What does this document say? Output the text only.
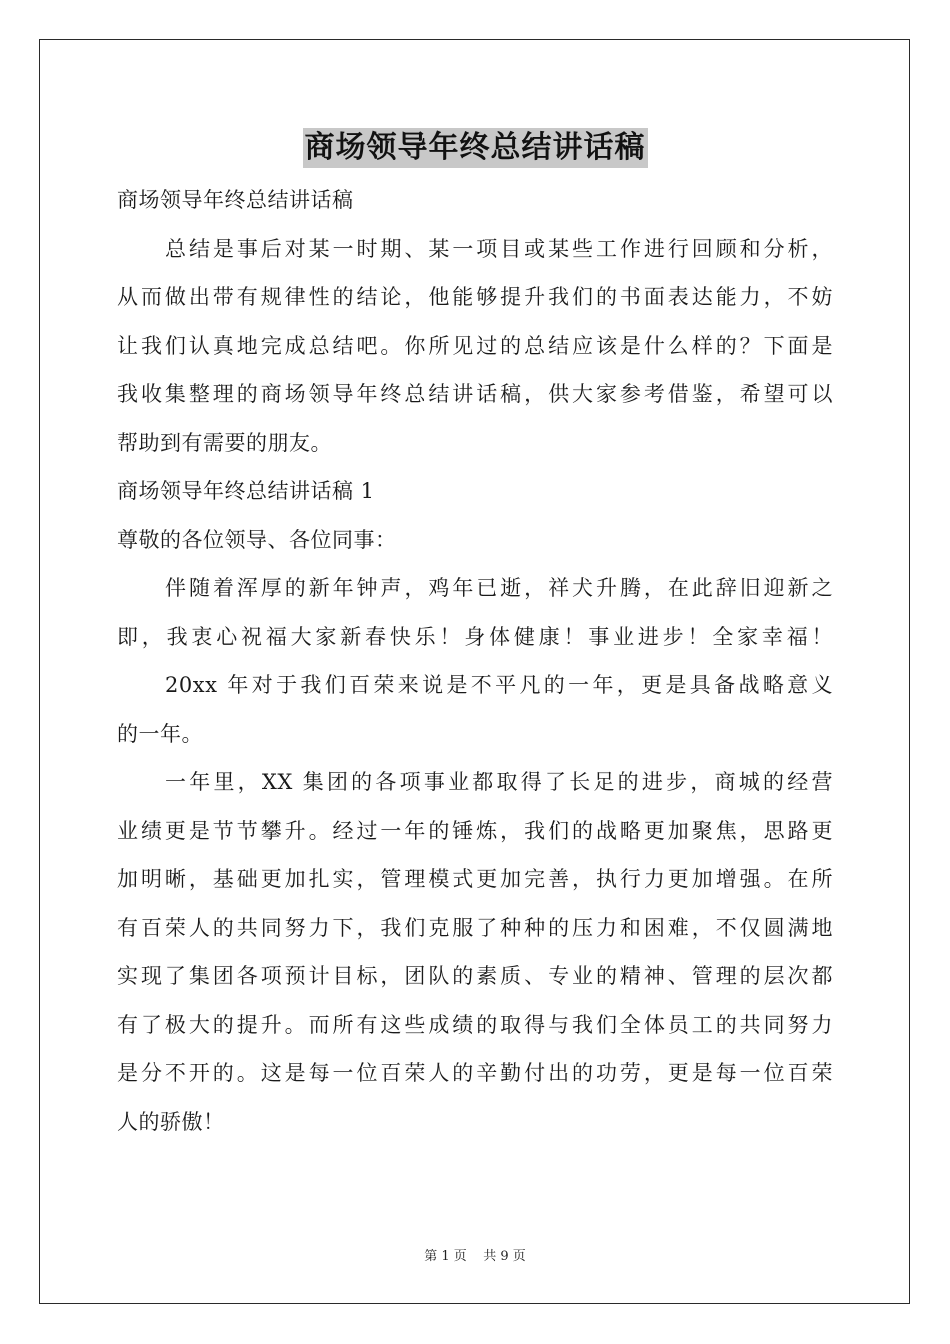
商场领导年终总结讲话稿
商场领导年终总结讲话稿
总结是事后对某一时期、某一项目或某些工作进行回顾和分析，
从而做出带有规律性的结论，他能够提升我们的书面表达能力，不妨
让我们认真地完成总结吧。你所见过的总结应该是什么样的？下面是
我收集整理的商场领导年终总结讲话稿，供大家参考借鉴，希望可以
帮助到有需要的朋友。
商场领导年终总结讲话稿 1
尊敬的各位领导、各位同事：
伴随着浑厚的新年钟声，鸡年已逝，祥犬升腾，在此辞旧迎新之
即，我衷心祝福大家新春快乐！身体健康！事业进步！全家幸福！
20xx 年对于我们百荣来说是不平凡的一年，更是具备战略意义
的一年。
一年里，XX 集团的各项事业都取得了长足的进步，商城的经营
业绩更是节节攀升。经过一年的锤炼，我们的战略更加聚焦，思路更
加明晰，基础更加扎实，管理模式更加完善，执行力更加增强。在所
有百荣人的共同努力下，我们克服了种种的压力和困难，不仅圆满地
实现了集团各项预计目标，团队的素质、专业的精神、管理的层次都
有了极大的提升。而所有这些成绩的取得与我们全体员工的共同努力
是分不开的。这是每一位百荣人的辛勤付出的功劳，更是每一位百荣
人的骄傲！
第 1 页    共 9 页
